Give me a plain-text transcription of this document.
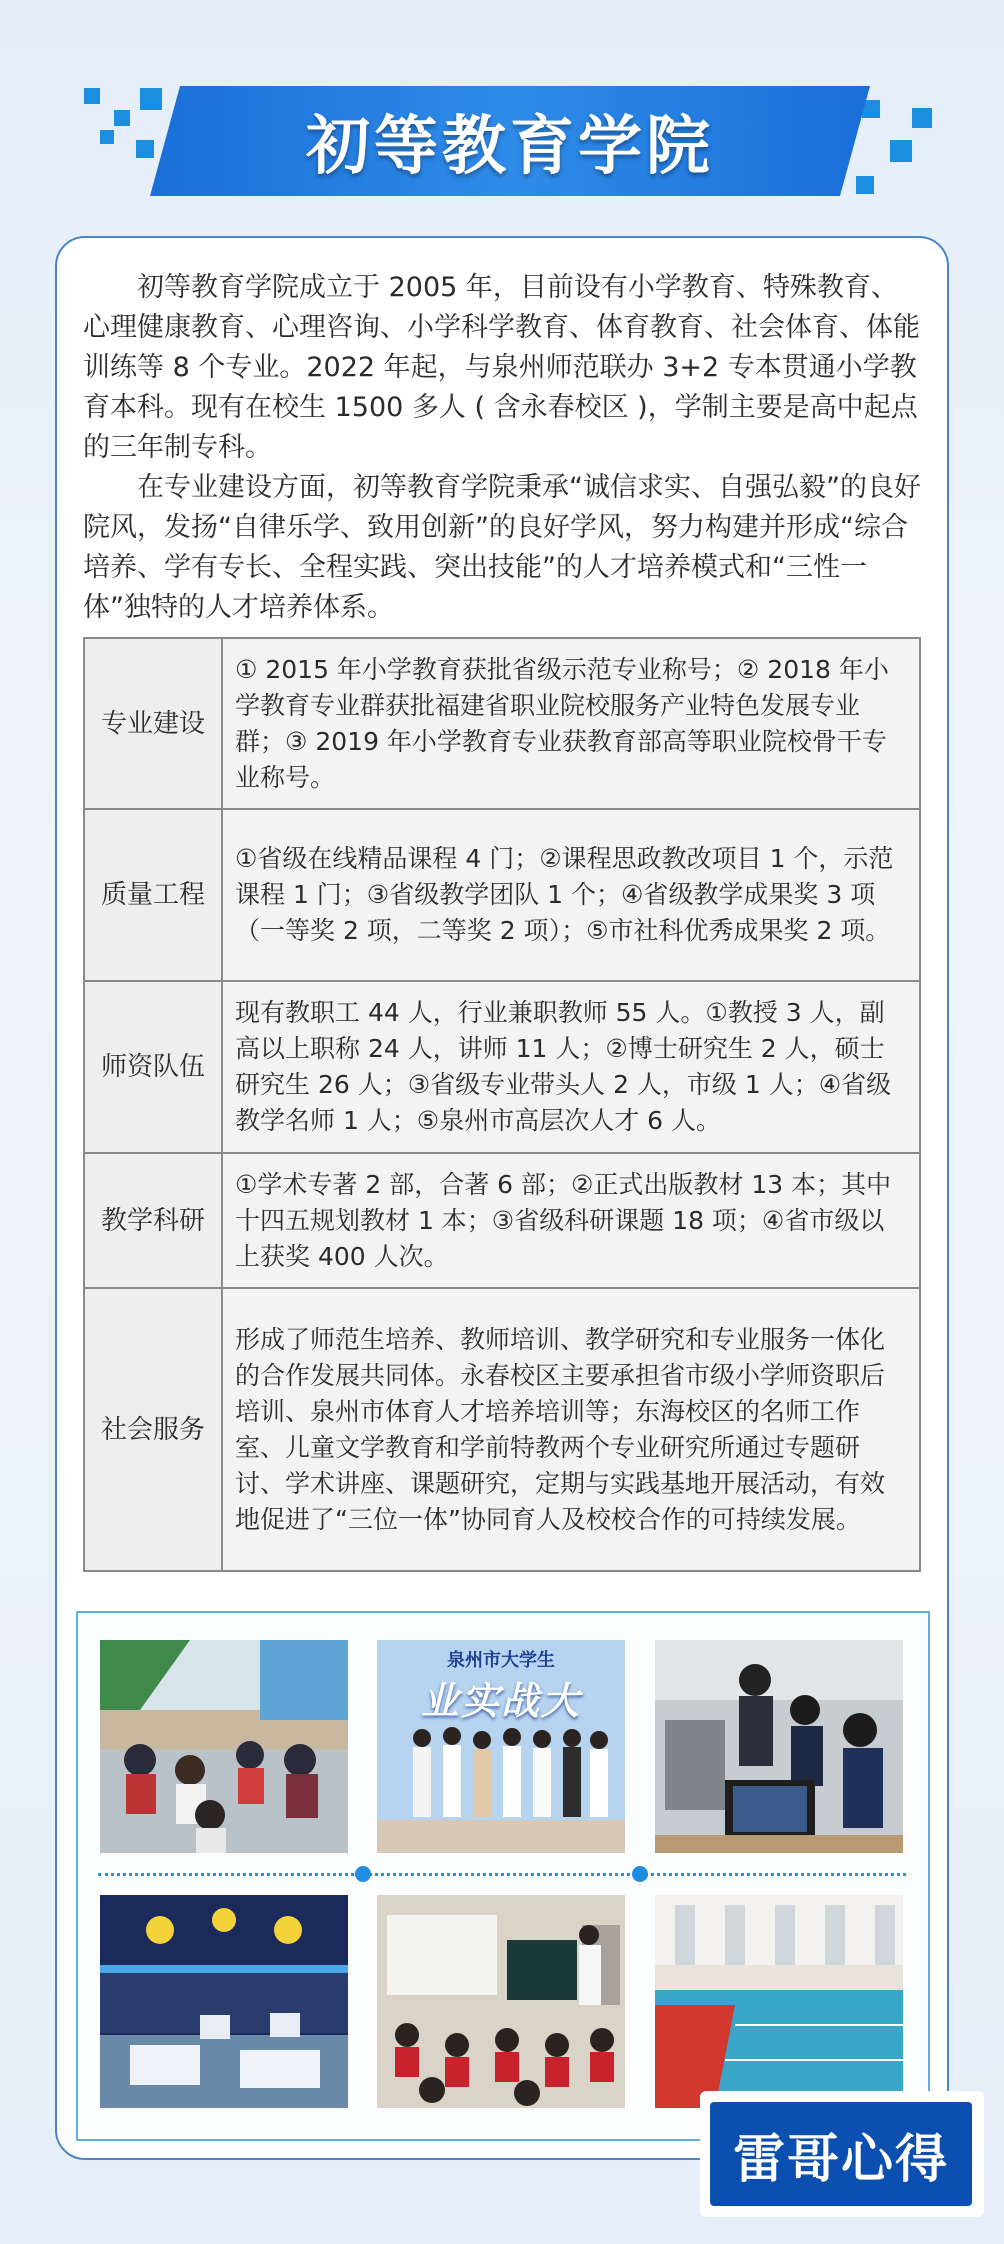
初等教育学院

初等教育学院成立于 2005 年，目前设有小学教育、特殊教育、心理健康教育、心理咨询、小学科学教育、体育教育、社会体育、体能训练等 8 个专业。2022 年起，与泉州师范联办 3+2 专本贯通小学教育本科。现有在校生 1500 多人 ( 含永春校区 )，学制主要是高中起点的三年制专科。

在专业建设方面，初等教育学院秉承“诚信求实、自强弘毅”的良好院风，发扬“自律乐学、致用创新”的良好学风，努力构建并形成“综合培养、学有专长、全程实践、突出技能”的人才培养模式和“三性一体”独特的人才培养体系。

专业建设	① 2015 年小学教育获批省级示范专业称号；② 2018 年小学教育专业群获批福建省职业院校服务产业特色发展专业群；③ 2019 年小学教育专业获教育部高等职业院校骨干专业称号。
质量工程	①省级在线精品课程 4 门；②课程思政教改项目 1 个，示范课程 1 门；③省级教学团队 1 个；④省级教学成果奖 3 项（一等奖 2 项，二等奖 2 项）；⑤市社科优秀成果奖 2 项。
师资队伍	现有教职工 44 人，行业兼职教师 55 人。①教授 3 人，副高以上职称 24 人，讲师 11 人；②博士研究生 2 人，硕士研究生 26 人；③省级专业带头人 2 人，市级 1 人；④省级教学名师 1 人；⑤泉州市高层次人才 6 人。
教学科研	①学术专著 2 部，合著 6 部；②正式出版教材 13 本；其中十四五规划教材 1 本；③省级科研课题 18 项；④省市级以上获奖 400 人次。
社会服务	形成了师范生培养、教师培训、教学研究和专业服务一体化的合作发展共同体。永春校区主要承担省市级小学师资职后培训、泉州市体育人才培养培训等；东海校区的名师工作室、儿童文学教育和学前特教两个专业研究所通过专题研讨、学术讲座、课题研究，定期与实践基地开展活动，有效地促进了“三位一体”协同育人及校校合作的可持续发展。
泉州市大学生
业实战大
雷哥心得
